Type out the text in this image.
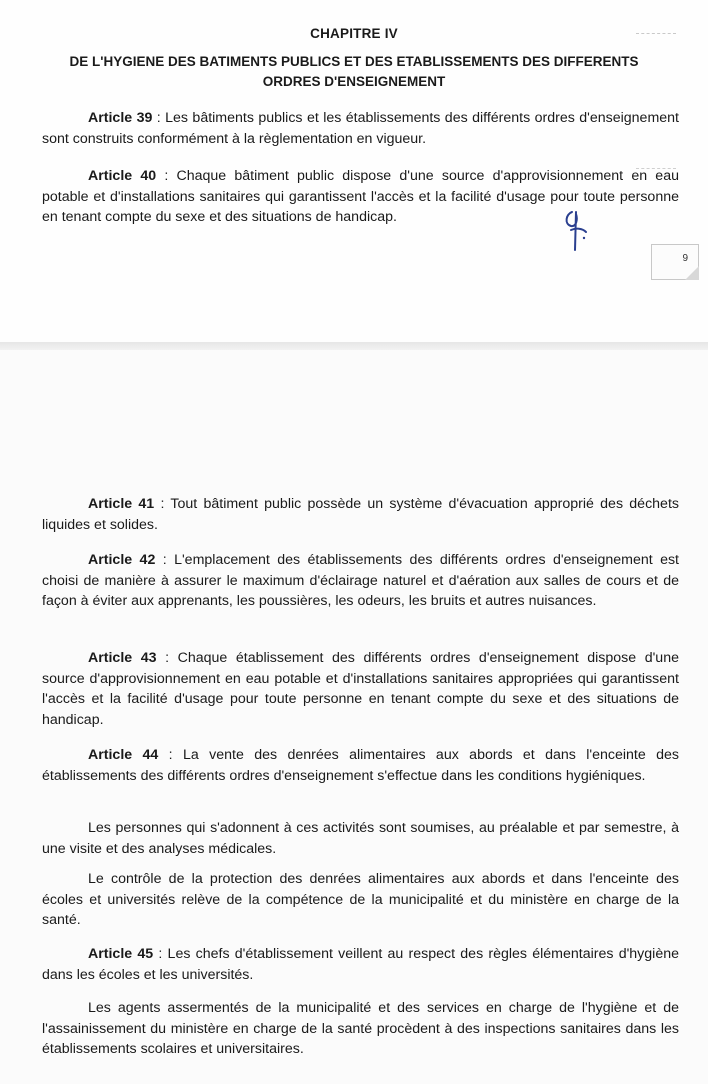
CHAPITRE IV
DE L'HYGIENE DES BATIMENTS PUBLICS ET DES ETABLISSEMENTS DES DIFFERENTS ORDRES D'ENSEIGNEMENT

Article 39 : Les bâtiments publics et les établissements des différents ordres d'enseignement sont construits conformément à la règlementation en vigueur.

Article 40 : Chaque bâtiment public dispose d'une source d'approvisionnement en eau potable et d'installations sanitaires qui garantissent l'accès et la facilité d'usage pour toute personne en tenant compte du sexe et des situations de handicap.

9

Article 41 : Tout bâtiment public possède un système d'évacuation approprié des déchets liquides et solides.

Article 42 : L'emplacement des établissements des différents ordres d'enseignement est choisi de manière à assurer le maximum d'éclairage naturel et d'aération aux salles de cours et de façon à éviter aux apprenants, les poussières, les odeurs, les bruits et autres nuisances.

Article 43 : Chaque établissement des différents ordres d'enseignement dispose d'une source d'approvisionnement en eau potable et d'installations sanitaires appropriées qui garantissent l'accès et la facilité d'usage pour toute personne en tenant compte du sexe et des situations de handicap.

Article 44 : La vente des denrées alimentaires aux abords et dans l'enceinte des établissements des différents ordres d'enseignement s'effectue dans les conditions hygiéniques.

Les personnes qui s'adonnent à ces activités sont soumises, au préalable et par semestre, à une visite et des analyses médicales.

Le contrôle de la protection des denrées alimentaires aux abords et dans l'enceinte des écoles et universités relève de la compétence de la municipalité et du ministère en charge de la santé.

Article 45 : Les chefs d'établissement veillent au respect des règles élémentaires d'hygiène dans les écoles et les universités.

Les agents assermentés de la municipalité et des services en charge de l'hygiène et de l'assainissement du ministère en charge de la santé procèdent à des inspections sanitaires dans les établissements scolaires et universitaires.
